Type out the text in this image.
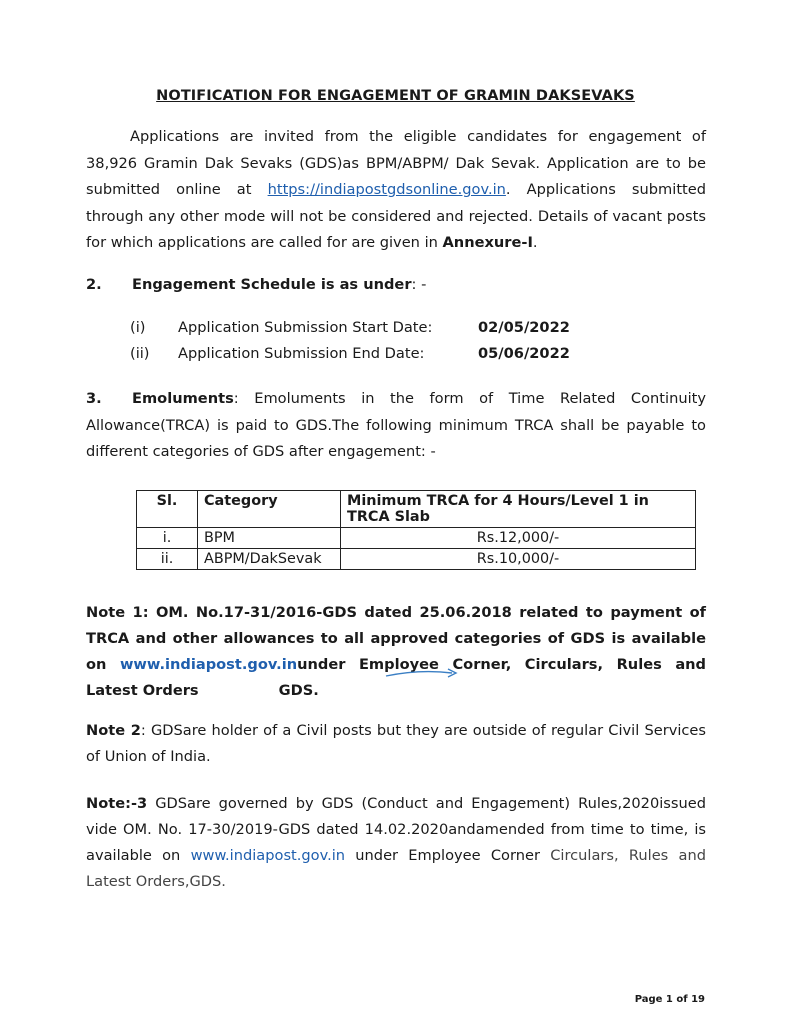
NOTIFICATION FOR ENGAGEMENT OF GRAMIN DAKSEVAKS

Applications are invited from the eligible candidates for engagement of 38,926 Gramin Dak Sevaks (GDS)as BPM/ABPM/ Dak Sevak. Application are to be submitted online at https://indiapostgdsonline.gov.in. Applications submitted through any other mode will not be considered and rejected. Details of vacant posts for which applications are called for are given in Annexure-I.

2. Engagement Schedule is as under: -
(i) Application Submission Start Date:	02/05/2022
(ii) Application Submission End Date:	05/06/2022

3. Emoluments: Emoluments in the form of Time Related Continuity Allowance(TRCA) is paid to GDS.The following minimum TRCA shall be payable to different categories of GDS after engagement: -

Sl.	Category	Minimum TRCA for 4 Hours/Level 1 in TRCA Slab
i.	BPM	Rs.12,000/-
ii.	ABPM/DakSevak	Rs.10,000/-
Note 1: OM. No.17-31/2016-GDS dated 25.06.2018 related to payment of TRCA and other allowances to all approved categories of GDS is available on www.indiapost.gov.inunder Employee Corner, Circulars, Rules and Latest Orders	GDS.
Note 2: GDSare holder of a Civil posts but they are outside of regular Civil Services of Union of India.
Note:-3 GDSare governed by GDS (Conduct and Engagement) Rules,2020issued vide OM. No. 17-30/2019-GDS dated 14.02.2020andamended from time to time, is available on www.indiapost.gov.in under Employee Corner Circulars, Rules and Latest Orders,GDS.
Page 1 of 19
